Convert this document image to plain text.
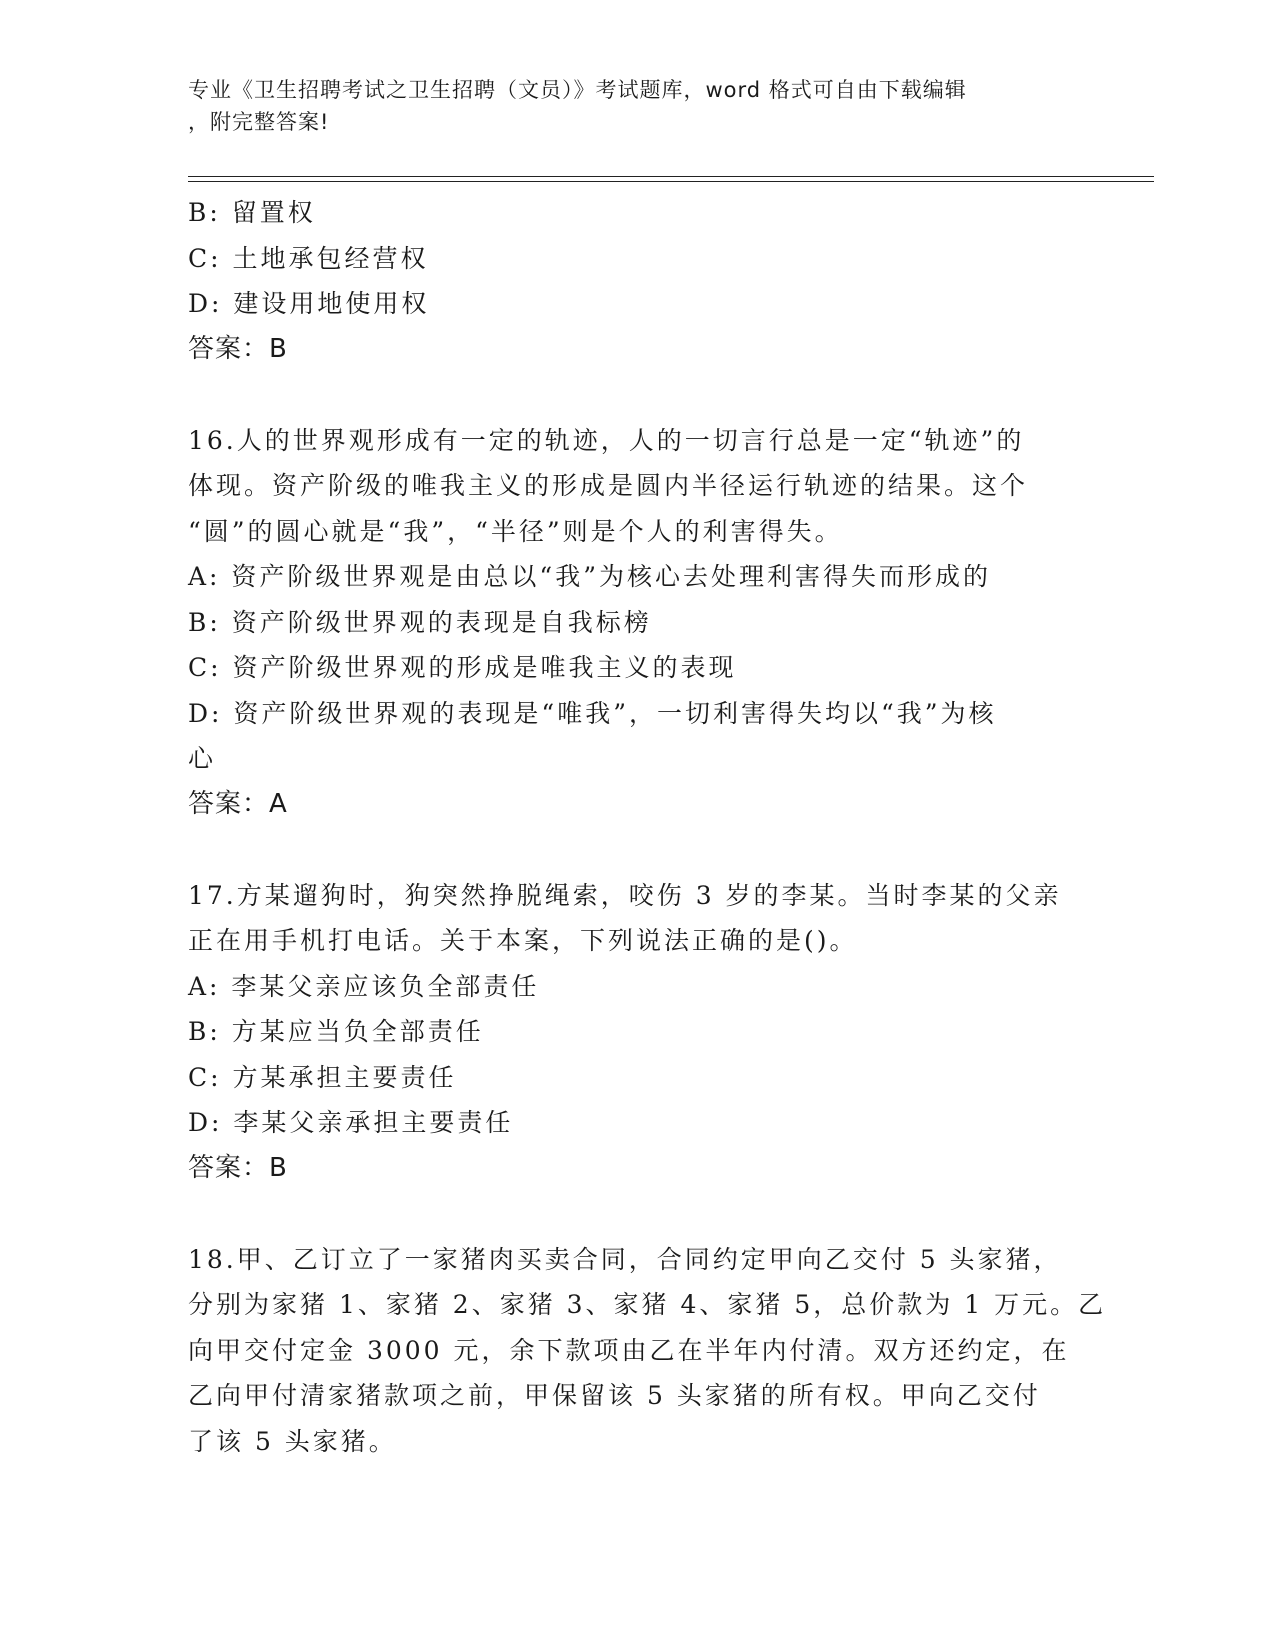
专业《卫生招聘考试之卫生招聘（文员）》考试题库，word 格式可自由下载编辑
，附完整答案!
B: 留置权
C: 土地承包经营权
D: 建设用地使用权
答案：B
16.人的世界观形成有一定的轨迹，人的一切言行总是一定“轨迹”的
体现。资产阶级的唯我主义的形成是圆内半径运行轨迹的结果。这个
“圆”的圆心就是“我”，“半径”则是个人的利害得失。
A: 资产阶级世界观是由总以“我”为核心去处理利害得失而形成的
B: 资产阶级世界观的表现是自我标榜
C: 资产阶级世界观的形成是唯我主义的表现
D: 资产阶级世界观的表现是“唯我”，一切利害得失均以“我”为核
心
答案：A
17.方某遛狗时，狗突然挣脱绳索，咬伤 3 岁的李某。当时李某的父亲
正在用手机打电话。关于本案，下列说法正确的是()。
A: 李某父亲应该负全部责任
B: 方某应当负全部责任
C: 方某承担主要责任
D: 李某父亲承担主要责任
答案：B
18.甲、乙订立了一家猪肉买卖合同，合同约定甲向乙交付 5 头家猪，
分别为家猪 1、家猪 2、家猪 3、家猪 4、家猪 5，总价款为 1 万元。乙
向甲交付定金 3000 元，余下款项由乙在半年内付清。双方还约定，在
乙向甲付清家猪款项之前，甲保留该 5 头家猪的所有权。甲向乙交付
了该 5 头家猪。
